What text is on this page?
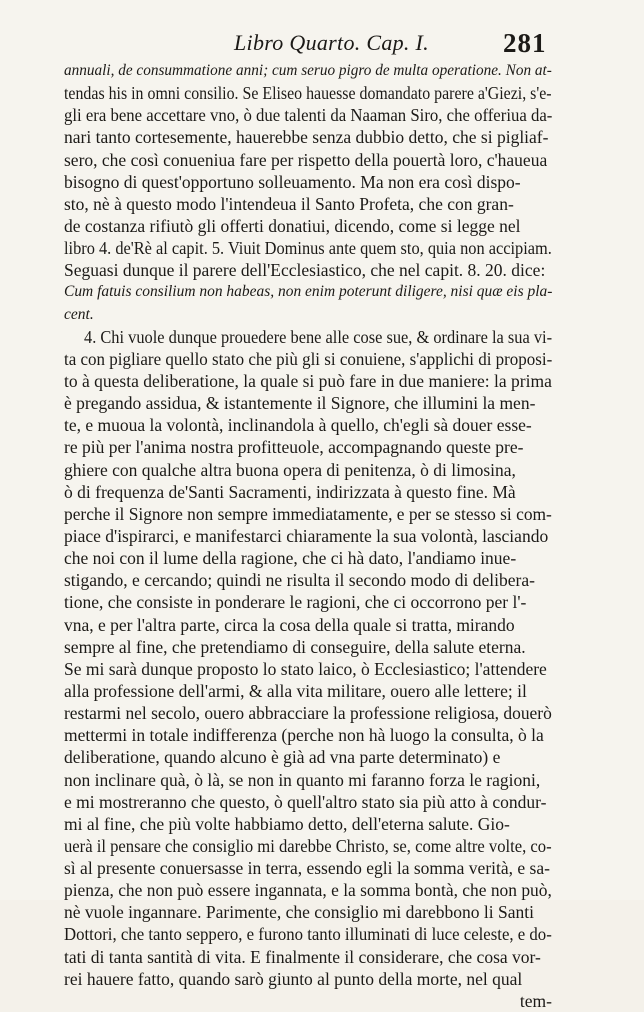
Libro Quarto. Cap. I.	281
annuali, de consummatione anni; cum seruo pigro de multa operatione. Non at-
tendas his in omni consilio. Se Eliseo hauesse domandato parere a'Giezi, s'e-
gli era bene accettare vno, ò due talenti da Naaman Siro, che offeriua da-
nari tanto cortesemente, hauerebbe senza dubbio detto, che si pigliaf-
sero, che così conueniua fare per rispetto della pouertà loro, c'haueua
bisogno di quest'opportuno solleuamento. Ma non era così dispo-
sto, nè à questo modo l'intendeua il Santo Profeta, che con gran-
de costanza rifiutò gli offerti donatiui, dicendo, come si legge nel
libro 4. de'Rè al capit. 5. Viuit Dominus ante quem sto, quia non accipiam.
Seguasi dunque il parere dell'Ecclesiastico, che nel capit. 8. 20. dice:
Cum fatuis consilium non habeas, non enim poterunt diligere, nisi quæ eis pla-
cent.
4. Chi vuole dunque prouedere bene alle cose sue, & ordinare la sua vi-
ta con pigliare quello stato che più gli si conuiene, s'applichi di proposi-
to à questa deliberatione, la quale si può fare in due maniere: la prima
è pregando assidua, & istantemente il Signore, che illumini la men-
te, e muoua la volontà, inclinandola à quello, ch'egli sà douer esse-
re più per l'anima nostra profitteuole, accompagnando queste pre-
ghiere con qualche altra buona opera di penitenza, ò di limosina,
ò di frequenza de'Santi Sacramenti, indirizzata à questo fine. Mà
perche il Signore non sempre immediatamente, e per se stesso si com-
piace d'ispirarci, e manifestarci chiaramente la sua volontà, lasciando
che noi con il lume della ragione, che ci hà dato, l'andiamo inue-
stigando, e cercando; quindi ne risulta il secondo modo di delibera-
tione, che consiste in ponderare le ragioni, che ci occorrono per l'-
vna, e per l'altra parte, circa la cosa della quale si tratta, mirando
sempre al fine, che pretendiamo di conseguire, della salute eterna.
Se mi sarà dunque proposto lo stato laico, ò Ecclesiastico; l'attendere
alla professione dell'armi, & alla vita militare, ouero alle lettere; il
restarmi nel secolo, ouero abbracciare la professione religiosa, douerò
mettermi in totale indifferenza (perche non hà luogo la consulta, ò la
deliberatione, quando alcuno è già ad vna parte determinato) e
non inclinare quà, ò là, se non in quanto mi faranno forza le ragioni,
e mi mostreranno che questo, ò quell'altro stato sia più atto à condur-
mi al fine, che più volte habbiamo detto, dell'eterna salute. Gio-
uerà il pensare che consiglio mi darebbe Christo, se, come altre volte, co-
sì al presente conuersasse in terra, essendo egli la somma verità, e sa-
pienza, che non può essere ingannata, e la somma bontà, che non può,
nè vuole ingannare. Parimente, che consiglio mi darebbono li Santi
Dottori, che tanto seppero, e furono tanto illuminati di luce celeste, e do-
tati di tanta santità di vita. E finalmente il considerare, che cosa vor-
rei hauere fatto, quando sarò giunto al punto della morte, nel qual
tem-
